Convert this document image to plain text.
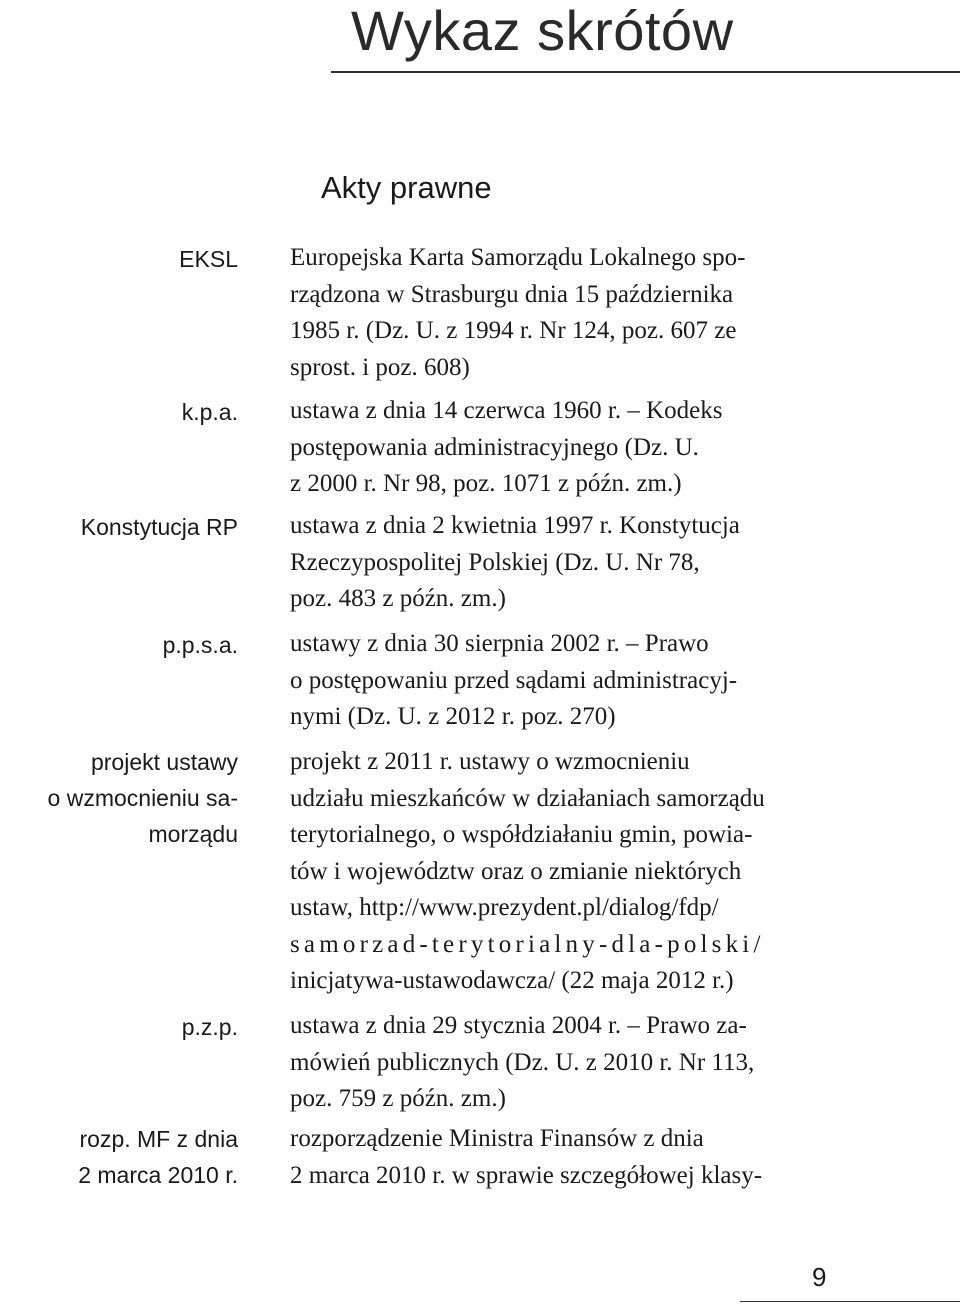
Wykaz skrótów
Akty prawne
EKSL Europejska Karta Samorządu Lokalnego spo-
rządzona w Strasburgu dnia 15 października
1985 r. (Dz. U. z 1994 r. Nr 124, poz. 607 ze
sprost. i poz. 608)
k.p.a. ustawa z dnia 14 czerwca 1960 r. – Kodeks
postępowania administracyjnego (Dz. U.
z 2000 r. Nr 98, poz. 1071 z późn. zm.)
Konstytucja RP ustawa z dnia 2 kwietnia 1997 r. Konstytucja
Rzeczypospolitej Polskiej (Dz. U. Nr 78,
poz. 483 z późn. zm.)
p.p.s.a. ustawy z dnia 30 sierpnia 2002 r. – Prawo
o postępowaniu przed sądami administracyj-
nymi (Dz. U. z 2012 r. poz. 270)
projekt ustawy
o wzmocnieniu sa-
morządu
projekt z 2011 r. ustawy o wzmocnieniu
udziału mieszkańców w działaniach samorządu
terytorialnego, o współdziałaniu gmin, powia-
tów i województw oraz o zmianie niektórych
ustaw, http://www.prezydent.pl/dialog/fdp/
samorzad-terytorialny-dla-polski/
inicjatywa-ustawodawcza/ (22 maja 2012 r.)
p.z.p. ustawa z dnia 29 stycznia 2004 r. – Prawo za-
mówień publicznych (Dz. U. z 2010 r. Nr 113,
poz. 759 z późn. zm.)
rozp. MF z dnia
2 marca 2010 r.
rozporządzenie Ministra Finansów z dnia
2 marca 2010 r. w sprawie szczegółowej klasy-
9
